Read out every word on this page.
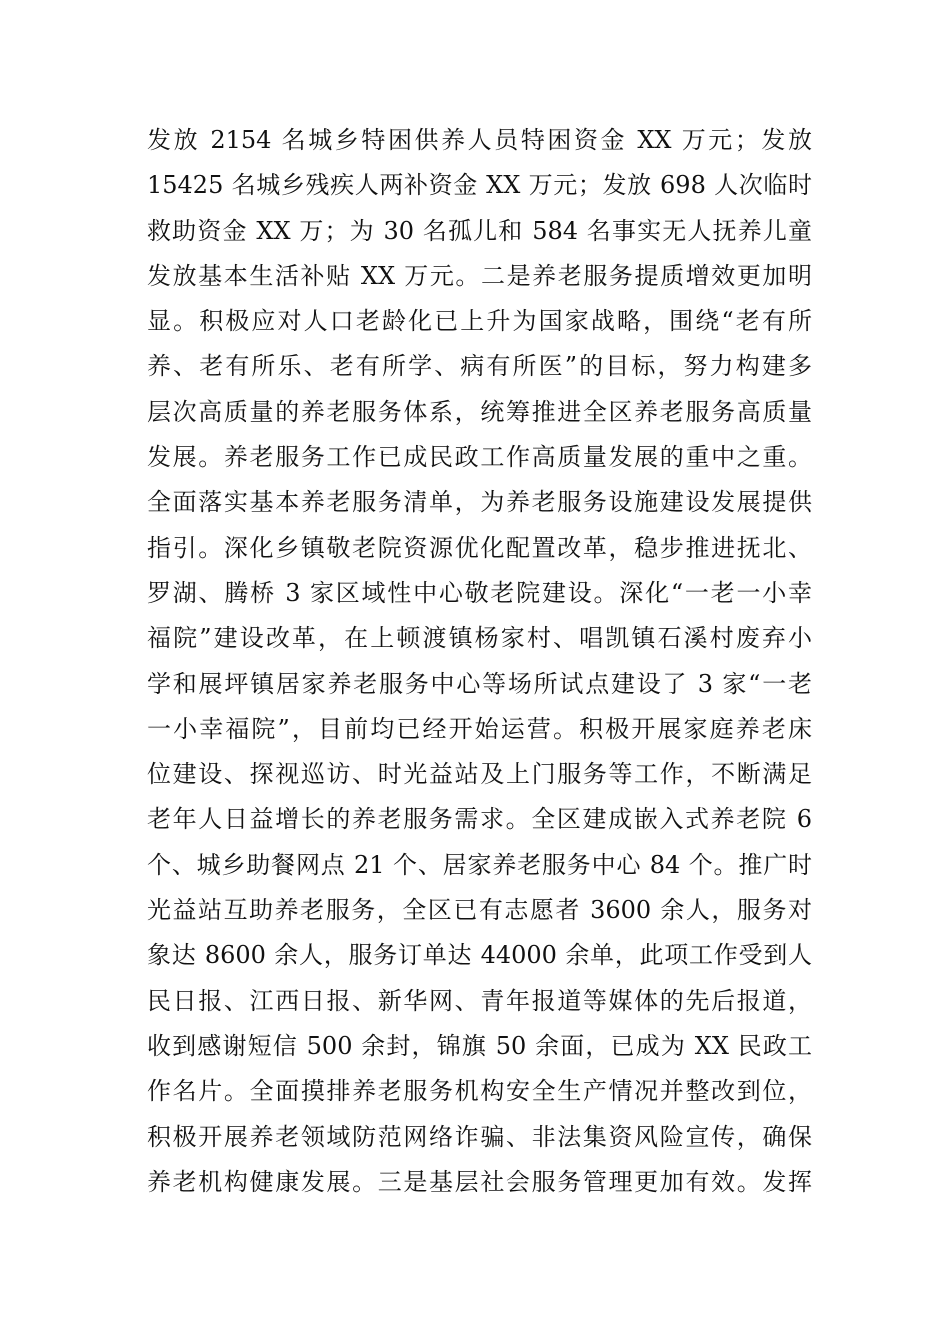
发放 2154 名城乡特困供养人员特困资金 XX 万元；发放
15425 名城乡残疾人两补资金 XX 万元；发放 698 人次临时
救助资金 XX 万；为 30 名孤儿和 584 名事实无人抚养儿童
发放基本生活补贴 XX 万元。二是养老服务提质增效更加明
显。积极应对人口老龄化已上升为国家战略，围绕“老有所
养、老有所乐、老有所学、病有所医”的目标，努力构建多
层次高质量的养老服务体系，统筹推进全区养老服务高质量
发展。养老服务工作已成民政工作高质量发展的重中之重。
全面落实基本养老服务清单，为养老服务设施建设发展提供
指引。深化乡镇敬老院资源优化配置改革，稳步推进抚北、
罗湖、腾桥 3 家区域性中心敬老院建设。深化“一老一小幸
福院”建设改革，在上顿渡镇杨家村、唱凯镇石溪村废弃小
学和展坪镇居家养老服务中心等场所试点建设了 3 家“一老
一小幸福院”，目前均已经开始运营。积极开展家庭养老床
位建设、探视巡访、时光益站及上门服务等工作，不断满足
老年人日益增长的养老服务需求。全区建成嵌入式养老院 6
个、城乡助餐网点 21 个、居家养老服务中心 84 个。推广时
光益站互助养老服务，全区已有志愿者 3600 余人，服务对
象达 8600 余人，服务订单达 44000 余单，此项工作受到人
民日报、江西日报、新华网、青年报道等媒体的先后报道，
收到感谢短信 500 余封，锦旗 50 余面，已成为 XX 民政工
作名片。全面摸排养老服务机构安全生产情况并整改到位，
积极开展养老领域防范网络诈骗、非法集资风险宣传，确保
养老机构健康发展。三是基层社会服务管理更加有效。发挥
